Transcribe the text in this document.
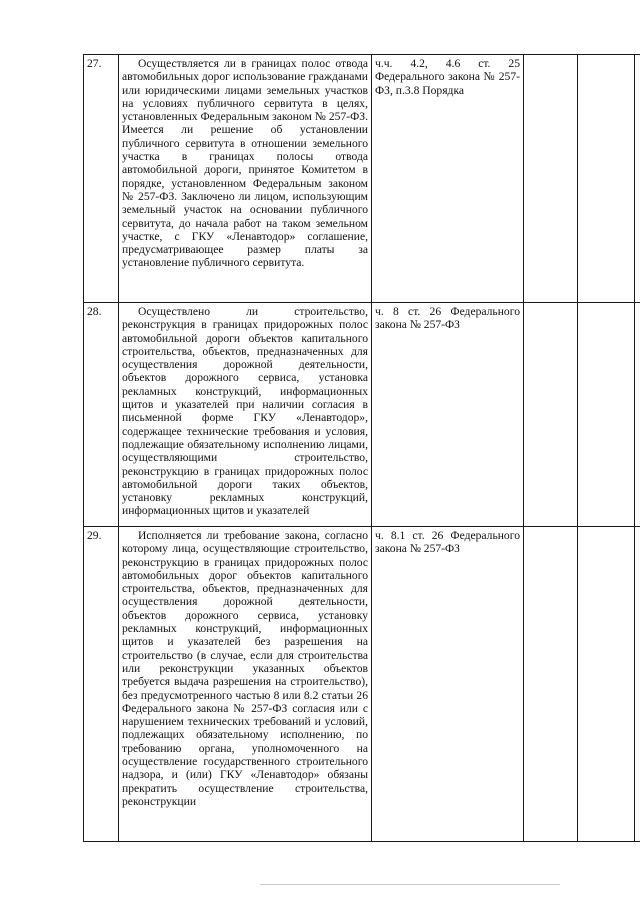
27.	Осуществляется ли в границах полос отвода автомобильных дорог использование гражданами или юридическими лицами земельных участков на условиях публичного сервитута в целях, установленных Федеральным законом № 257-ФЗ. Имеется ли решение об установлении публичного сервитута в отношении земельного участка в границах полосы отвода автомобильной дороги, принятое Комитетом в порядке, установленном Федеральным законом № 257-ФЗ. Заключено ли лицом, использующим земельный участок на основании публичного сервитута, до начала работ на таком земельном участке, с ГКУ «Ленавтодор» соглашение, предусматривающее размер платы за установление публичного сервитута.	ч.ч. 4.2, 4.6 ст. 25 Федерального закона № 257-ФЗ, п.3.8 Порядка			
28.	Осуществлено ли строительство, реконструкция в границах придорожных полос автомобильной дороги объектов капитального строительства, объектов, предназначенных для осуществления дорожной деятельности, объектов дорожного сервиса, установка рекламных конструкций, информационных щитов и указателей при наличии согласия в письменной форме ГКУ «Ленавтодор», содержащее технические требования и условия, подлежащие обязательному исполнению лицами, осуществляющими строительство, реконструкцию в границах придорожных полос автомобильной дороги таких объектов, установку рекламных конструкций, информационных щитов и указателей	ч. 8 ст. 26 Федерального закона № 257-ФЗ			
29.	Исполняется ли требование закона, согласно которому лица, осуществляющие строительство, реконструкцию в границах придорожных полос автомобильных дорог объектов капитального строительства, объектов, предназначенных для осуществления дорожной деятельности, объектов дорожного сервиса, установку рекламных конструкций, информационных щитов и указателей без разрешения на строительство (в случае, если для строительства или реконструкции указанных объектов требуется выдача разрешения на строительство), без предусмотренного частью 8 или 8.2 статьи 26 Федерального закона № 257-ФЗ согласия или с нарушением технических требований и условий, подлежащих обязательному исполнению, по требованию органа, уполномоченного на осуществление государственного строительного надзора, и (или) ГКУ «Ленавтодор» обязаны прекратить осуществление строительства, реконструкции	ч. 8.1 ст. 26 Федерального закона № 257-ФЗ			
